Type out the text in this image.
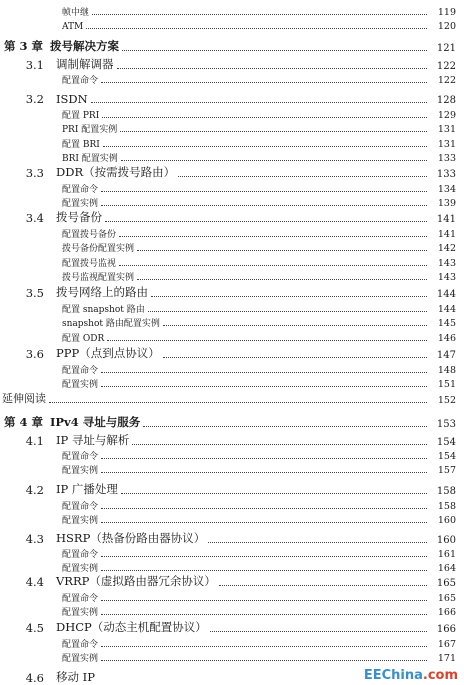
帧中继	119
ATM	120
第 3 章 拨号解决方案	121
3.1 调制解调器	122
配置命令	122
3.2 ISDN	128
配置 PRI	129
PRI 配置实例	131
配置 BRI	131
BRI 配置实例	133
3.3 DDR（按需拨号路由）	133
配置命令	134
配置实例	139
3.4 拨号备份	141
配置拨号备份	141
拨号备份配置实例	142
配置拨号监视	143
拨号监视配置实例	143
3.5 拨号网络上的路由	144
配置 snapshot 路由	144
snapshot 路由配置实例	145
配置 ODR	146
3.6 PPP（点到点协议）	147
配置命令	148
配置实例	151
延伸阅读	152
第 4 章 IPv4 寻址与服务	153
4.1 IP 寻址与解析	154
配置命令	154
配置实例	157
4.2 IP 广播处理	158
配置命令	158
配置实例	160
4.3 HSRP（热备份路由器协议）	160
配置命令	161
配置实例	164
4.4 VRRP（虚拟路由器冗余协议）	165
配置命令	165
配置实例	166
4.5 DHCP（动态主机配置协议）	166
配置命令	167
配置实例	171
4.6 移动 IP	EEChina.com
